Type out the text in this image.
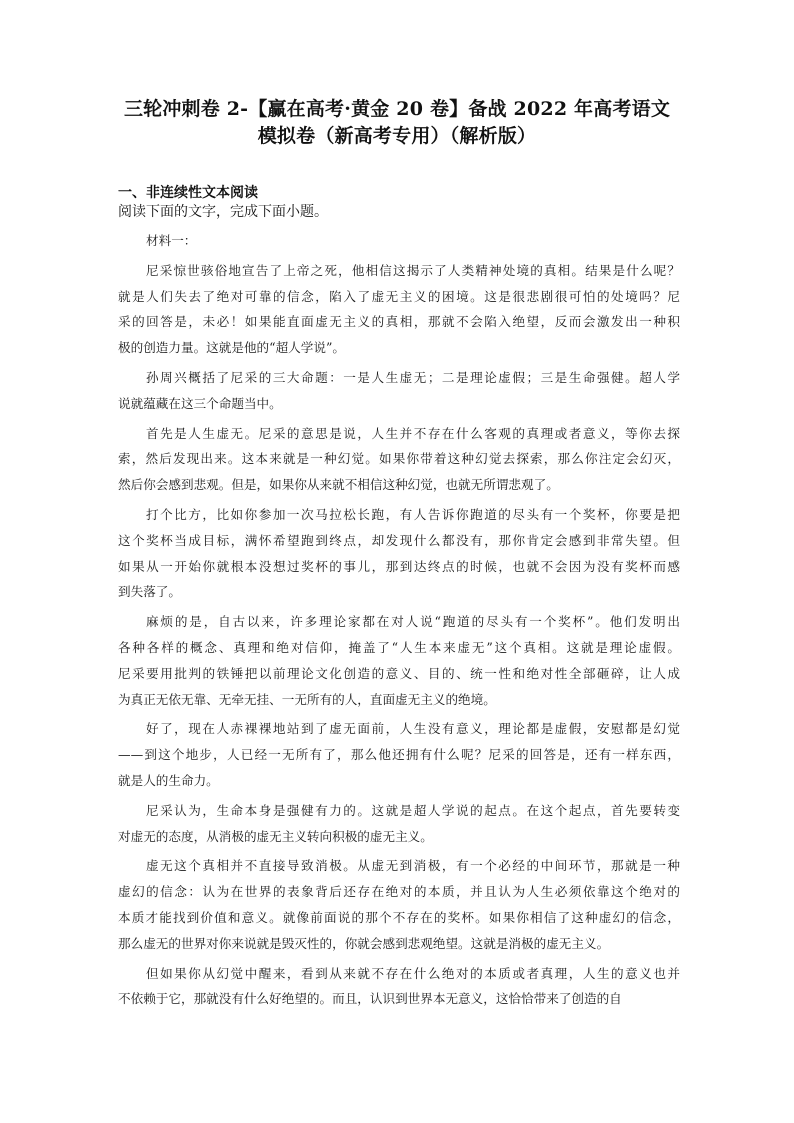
三轮冲刺卷 2-【赢在高考·黄金 20 卷】备战 2022 年高考语文
模拟卷（新高考专用）（解析版）
一、非连续性文本阅读
阅读下面的文字，完成下面小题。
材料一：
尼采惊世骇俗地宣告了上帝之死，他相信这揭示了人类精神处境的真相。结果是什么呢？
就是人们失去了绝对可靠的信念，陷入了虚无主义的困境。这是很悲剧很可怕的处境吗？尼
采的回答是，未必！如果能直面虚无主义的真相，那就不会陷入绝望，反而会激发出一种积
极的创造力量。这就是他的“超人学说”。
孙周兴概括了尼采的三大命题：一是人生虚无；二是理论虚假；三是生命强健。超人学
说就蕴藏在这三个命题当中。
首先是人生虚无。尼采的意思是说，人生并不存在什么客观的真理或者意义，等你去探
索，然后发现出来。这本来就是一种幻觉。如果你带着这种幻觉去探索，那么你注定会幻灭，
然后你会感到悲观。但是，如果你从来就不相信这种幻觉，也就无所谓悲观了。
打个比方，比如你参加一次马拉松长跑，有人告诉你跑道的尽头有一个奖杯，你要是把
这个奖杯当成目标，满怀希望跑到终点，却发现什么都没有，那你肯定会感到非常失望。但
如果从一开始你就根本没想过奖杯的事儿，那到达终点的时候，也就不会因为没有奖杯而感
到失落了。
麻烦的是，自古以来，许多理论家都在对人说“跑道的尽头有一个奖杯”。他们发明出
各种各样的概念、真理和绝对信仰，掩盖了“人生本来虚无”这个真相。这就是理论虚假。
尼采要用批判的铁锤把以前理论文化创造的意义、目的、统一性和绝对性全部砸碎，让人成
为真正无依无靠、无牵无挂、一无所有的人，直面虚无主义的绝境。
好了，现在人赤裸裸地站到了虚无面前，人生没有意义，理论都是虚假，安慰都是幻觉
——到这个地步，人已经一无所有了，那么他还拥有什么呢？尼采的回答是，还有一样东西，
就是人的生命力。
尼采认为，生命本身是强健有力的。这就是超人学说的起点。在这个起点，首先要转变
对虚无的态度，从消极的虚无主义转向积极的虚无主义。
虚无这个真相并不直接导致消极。从虚无到消极，有一个必经的中间环节，那就是一种
虚幻的信念：认为在世界的表象背后还存在绝对的本质，并且认为人生必须依靠这个绝对的
本质才能找到价值和意义。就像前面说的那个不存在的奖杯。如果你相信了这种虚幻的信念，
那么虚无的世界对你来说就是毁灭性的，你就会感到悲观绝望。这就是消极的虚无主义。
但如果你从幻觉中醒来，看到从来就不存在什么绝对的本质或者真理，人生的意义也并
不依赖于它，那就没有什么好绝望的。而且，认识到世界本无意义，这恰恰带来了创造的自
